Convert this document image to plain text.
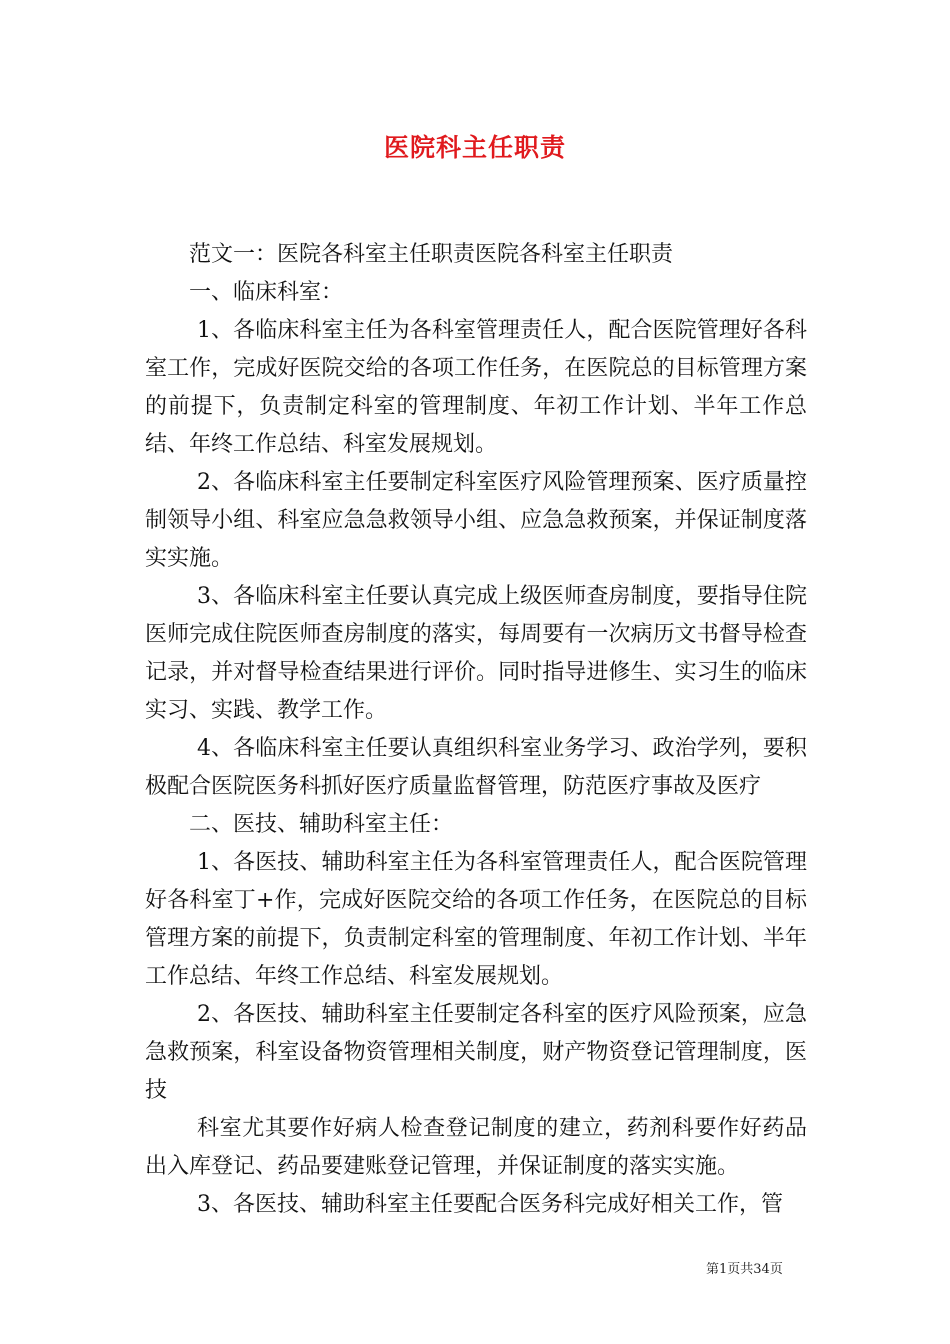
医院科主任职责

范文一：医院各科室主任职责医院各科室主任职责

一、临床科室：

1、各临床科室主任为各科室管理责任人，配合医院管理好各科室工作，完成好医院交给的各项工作任务，在医院总的目标管理方案的前提下，负责制定科室的管理制度、年初工作计划、半年工作总结、年终工作总结、科室发展规划。

2、各临床科室主任要制定科室医疗风险管理预案、医疗质量控制领导小组、科室应急急救领导小组、应急急救预案，并保证制度落实实施。

3、各临床科室主任要认真完成上级医师查房制度，要指导住院医师完成住院医师查房制度的落实，每周要有一次病历文书督导检查记录，并对督导检查结果进行评价。同时指导进修生、实习生的临床实习、实践、教学工作。

4、各临床科室主任要认真组织科室业务学习、政治学列，要积极配合医院医务科抓好医疗质量监督管理，防范医疗事故及医疗

二、医技、辅助科室主任：

1、各医技、辅助科室主任为各科室管理责任人，配合医院管理好各科室丁+作，完成好医院交给的各项工作任务，在医院总的目标管理方案的前提下，负责制定科室的管理制度、年初工作计划、半年工作总结、年终工作总结、科室发展规划。

2、各医技、辅助科室主任要制定各科室的医疗风险预案，应急急救预案，科室设备物资管理相关制度，财产物资登记管理制度，医技

科室尤其要作好病人检查登记制度的建立，药剂科要作好药品出入库登记、药品要建账登记管理，并保证制度的落实实施。

3、各医技、辅助科室主任要配合医务科完成好相关工作，管

第1页共34页
